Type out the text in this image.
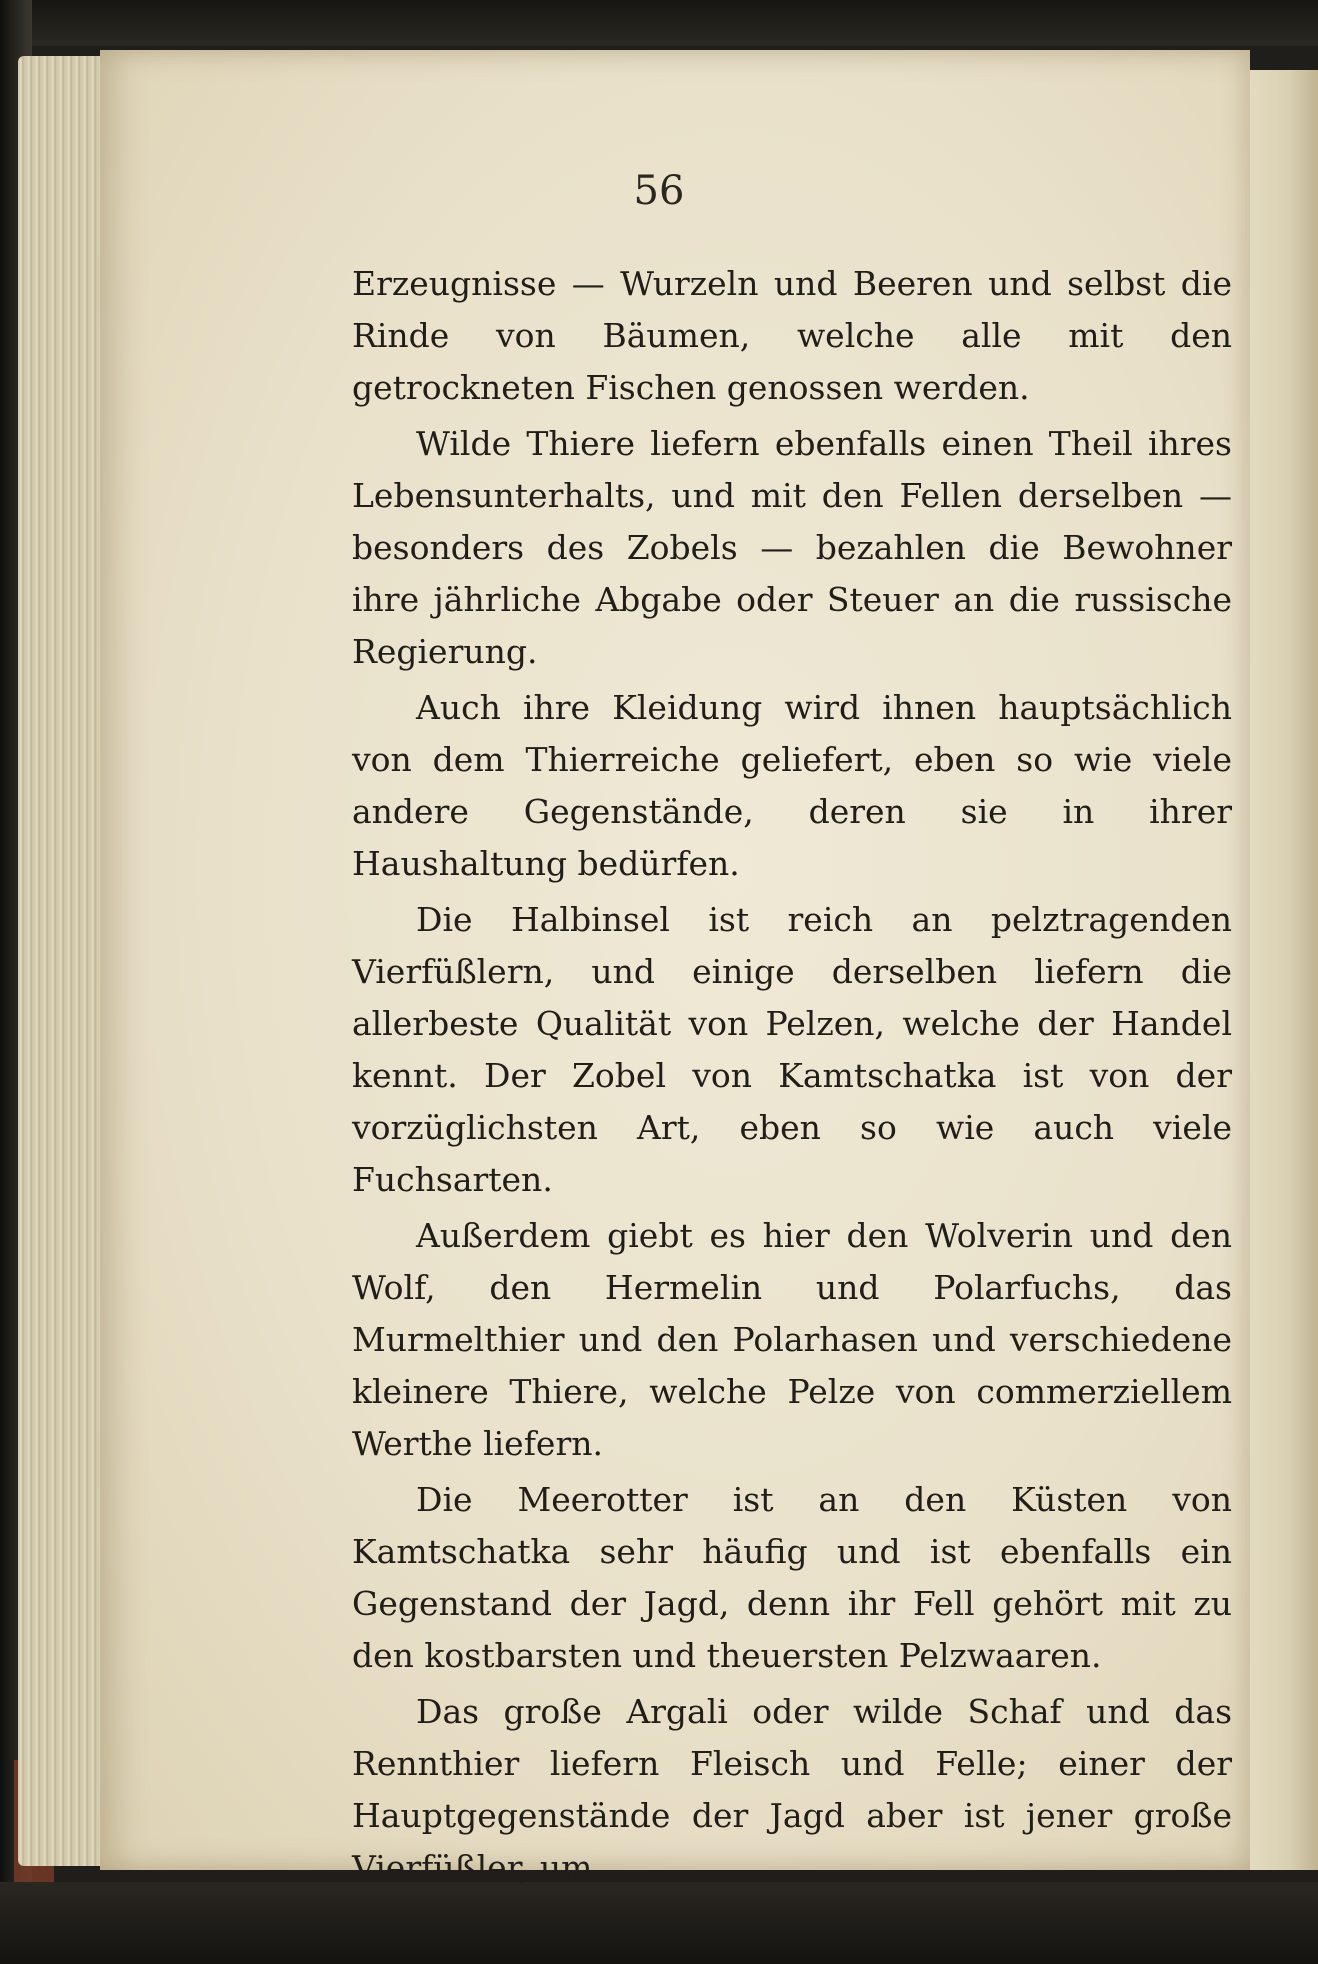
56

Erzeugnisse — Wurzeln und Beeren und selbst die Rinde von Bäumen, welche alle mit den getrockneten Fischen genossen werden.

Wilde Thiere liefern ebenfalls einen Theil ihres Lebensunterhalts, und mit den Fellen derselben — besonders des Zobels — bezahlen die Bewohner ihre jährliche Abgabe oder Steuer an die russische Regierung.

Auch ihre Kleidung wird ihnen hauptsächlich von dem Thierreiche geliefert, eben so wie viele andere Gegenstände, deren sie in ihrer Haushaltung bedürfen.

Die Halbinsel ist reich an pelztragenden Vierfüßlern, und einige derselben liefern die allerbeste Qualität von Pelzen, welche der Handel kennt. Der Zobel von Kamtschatka ist von der vorzüglichsten Art, eben so wie auch viele Fuchsarten.

Außerdem giebt es hier den Wolverin und den Wolf, den Hermelin und Polarfuchs, das Murmelthier und den Polarhasen und verschiedene kleinere Thiere, welche Pelze von commerziellem Werthe liefern.

Die Meerotter ist an den Küsten von Kamtschatka sehr häufig und ist ebenfalls ein Gegenstand der Jagd, denn ihr Fell gehört mit zu den kostbarsten und theuersten Pelzwaaren.

Das große Argali oder wilde Schaf und das Rennthier liefern Fleisch und Felle; einer der Hauptgegenstände der Jagd aber ist jener große Vierfüßler, um
